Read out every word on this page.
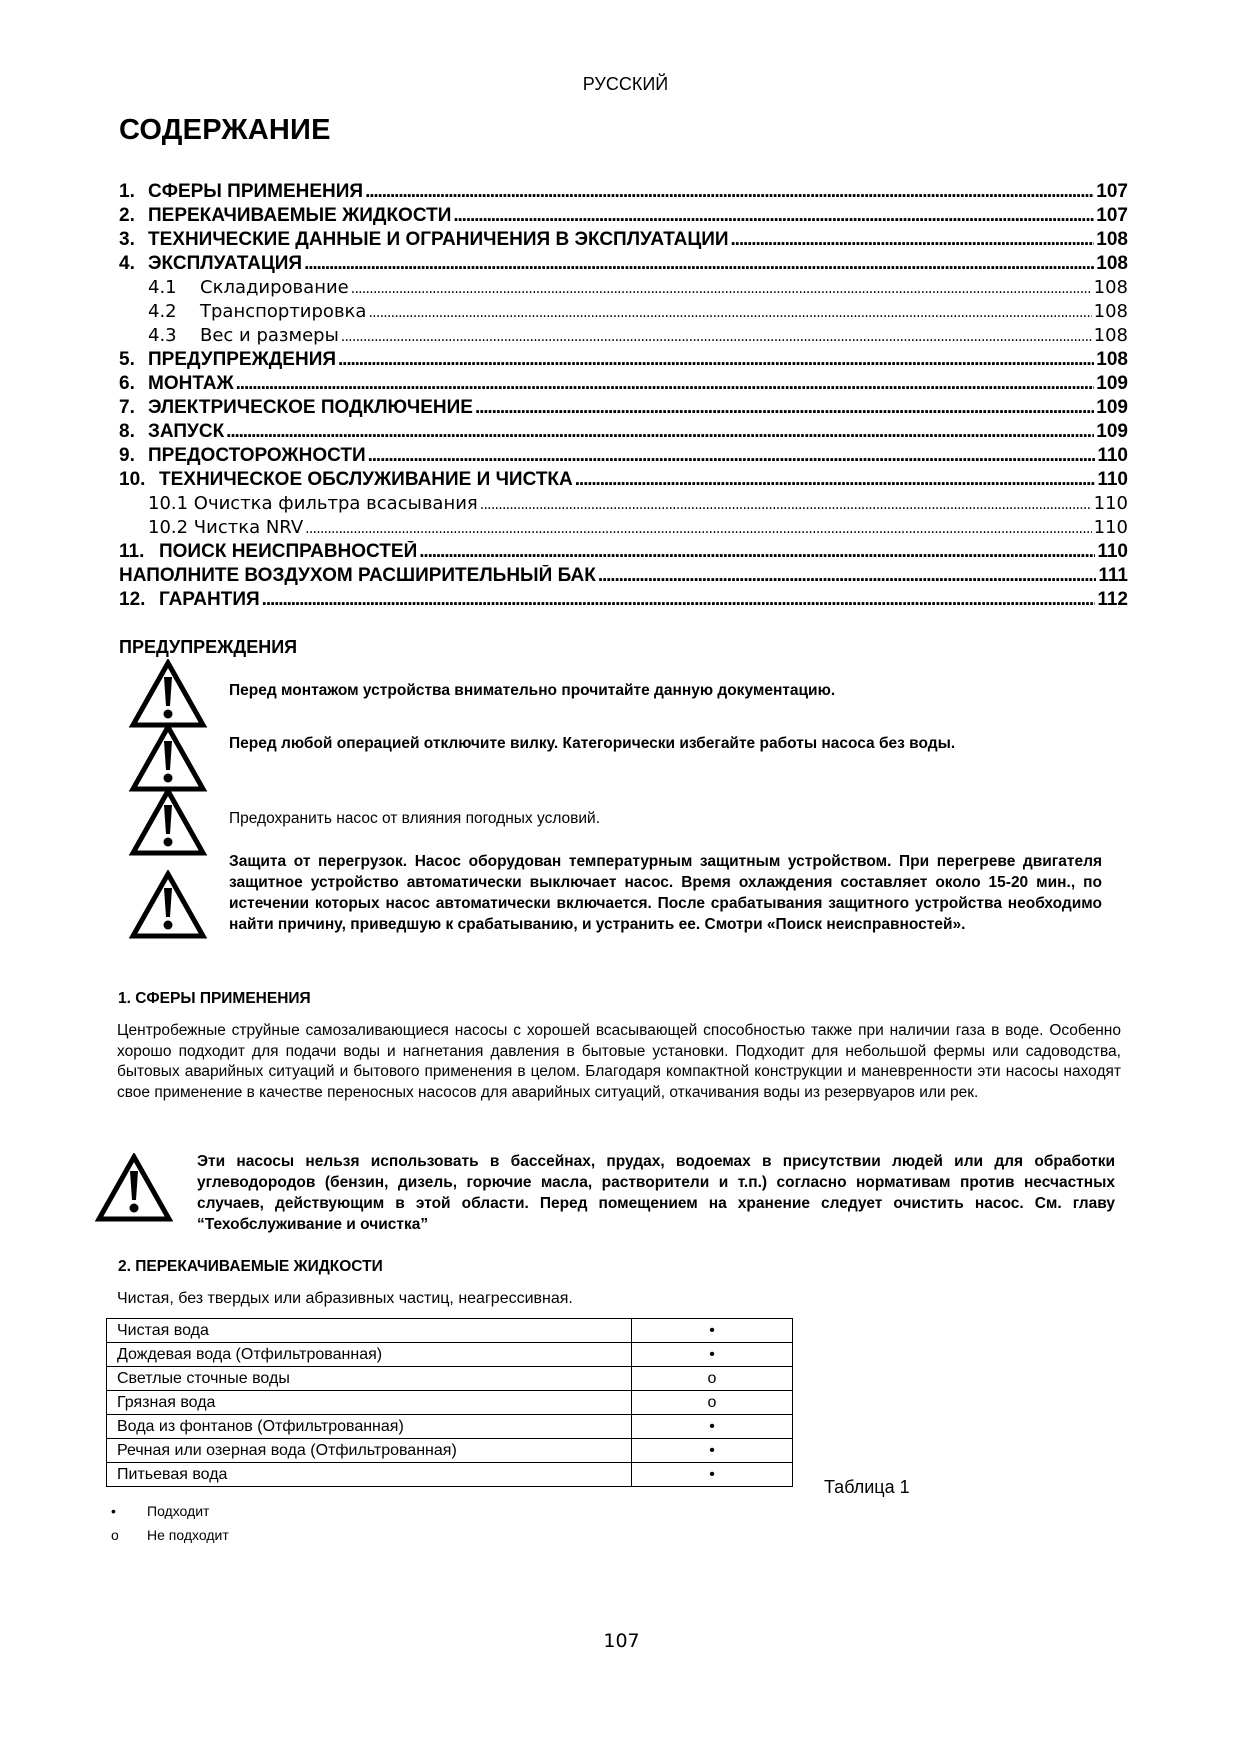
РУССКИЙ
СОДЕРЖАНИЕ
1. СФЕРЫ ПРИМЕНЕНИЯ . . .	107
2. ПЕРЕКАЧИВАЕМЫЕ ЖИДКОСТИ . . .	107
3. ТЕХНИЧЕСКИЕ ДАННЫЕ И ОГРАНИЧЕНИЯ В ЭКСПЛУАТАЦИИ . . .	108
4. ЭКСПЛУАТАЦИЯ . . .	108
4.1 Складирование . . .	108
4.2 Транспортировка . . .	108
4.3 Вес и размеры . . .	108
5. ПРЕДУПРЕЖДЕНИЯ . . .	108
6. МОНТАЖ . . .	109
7. ЭЛЕКТРИЧЕСКОЕ ПОДКЛЮЧЕНИЕ . . .	109
8. ЗАПУСК . . .	109
9. ПРЕДОСТОРОЖНОСТИ . . .	110
10. ТЕХНИЧЕСКОЕ ОБСЛУЖИВАНИЕ И ЧИСТКА . . .	110
10.1 Очистка фильтра всасывания . . .	110
10.2 Чистка NRV . . .	110
11. ПОИСК НЕИСПРАВНОСТЕЙ . . .	110
НАПОЛНИТЕ ВОЗДУХОМ РАСШИРИТЕЛЬНЫЙ БАК . . .	111
12. ГАРАНТИЯ . . .	112
ПРЕДУПРЕЖДЕНИЯ
Перед монтажом устройства внимательно прочитайте данную документацию.
Перед любой операцией отключите вилку. Категорически избегайте работы насоса без воды.
Предохранить насос от влияния погодных условий.
Защита от перегрузок. Насос оборудован температурным защитным устройством. При перегреве двигателя защитное устройство автоматически выключает насос. Время охлаждения составляет около 15-20 мин., по истечении которых насос автоматически включается. После срабатывания защитного устройства необходимо найти причину, приведшую к срабатыванию, и устранить ее. Смотри «Поиск неисправностей».
1. СФЕРЫ ПРИМЕНЕНИЯ
Центробежные струйные самозаливающиеся насосы с хорошей всасывающей способностью также при наличии газа в воде. Особенно хорошо подходит для подачи воды и нагнетания давления в бытовые установки. Подходит для небольшой фермы или садоводства, бытовых аварийных ситуаций и бытового применения в целом. Благодаря компактной конструкции и маневренности эти насосы находят свое применение в качестве переносных насосов для аварийных ситуаций, откачивания воды из резервуаров или рек.
Эти насосы нельзя использовать в бассейнах, прудах, водоемах в присутствии людей или для обработки углеводородов (бензин, дизель, горючие масла, растворители и т.п.) согласно нормативам против несчастных случаев, действующим в этой области. Перед помещением на хранение следует очистить насос. См. главу “Техобслуживание и очистка”
2. ПЕРЕКАЧИВАЕМЫЕ ЖИДКОСТИ
Чистая, без твердых или абразивных частиц, неагрессивная.
Чистая вода	•
Дождевая вода (Отфильтрованная)	•
Светлые сточные воды	o
Грязная вода	o
Вода из фонтанов (Отфильтрованная)	•
Речная или озерная вода (Отфильтрованная)	•
Питьевая вода	•
Таблица 1
• Подходит
o Не подходит
107
